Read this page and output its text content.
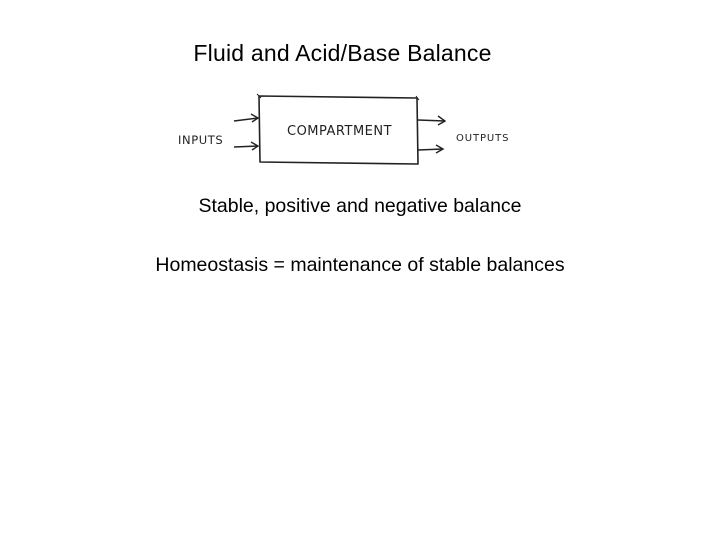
Fluid and Acid/Base Balance
INPUTS
COMPARTMENT	OUTPUTS
Stable, positive and negative balance
Homeostasis = maintenance of stable balances
